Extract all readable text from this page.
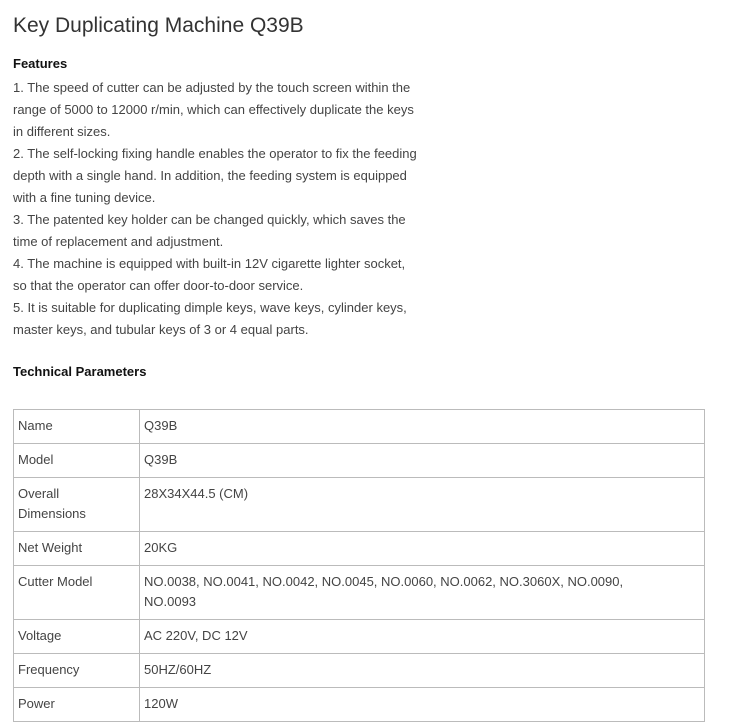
Key Duplicating Machine Q39B
Features

1. The speed of cutter can be adjusted by the touch screen within the

range of 5000 to 12000 r/min, which can effectively duplicate the keys

in different sizes.

2. The self-locking fixing handle enables the operator to fix the feeding

depth with a single hand. In addition, the feeding system is equipped

with a fine tuning device.

3. The patented key holder can be changed quickly, which saves the

time of replacement and adjustment.

4. The machine is equipped with built-in 12V cigarette lighter socket,

so that the operator can offer door-to-door service.

5. It is suitable for duplicating dimple keys, wave keys, cylinder keys,

master keys, and tubular keys of 3 or 4 equal parts.

Technical Parameters
Name	Q39B
Model	Q39B
Overall
Dimensions	28X34X44.5 (CM)
Net Weight	20KG
Cutter Model	NO.0038, NO.0041, NO.0042, NO.0045, NO.0060, NO.0062, NO.3060X, NO.0090,
NO.0093
Voltage	AC 220V, DC 12V
Frequency	50HZ/60HZ
Power	120W
